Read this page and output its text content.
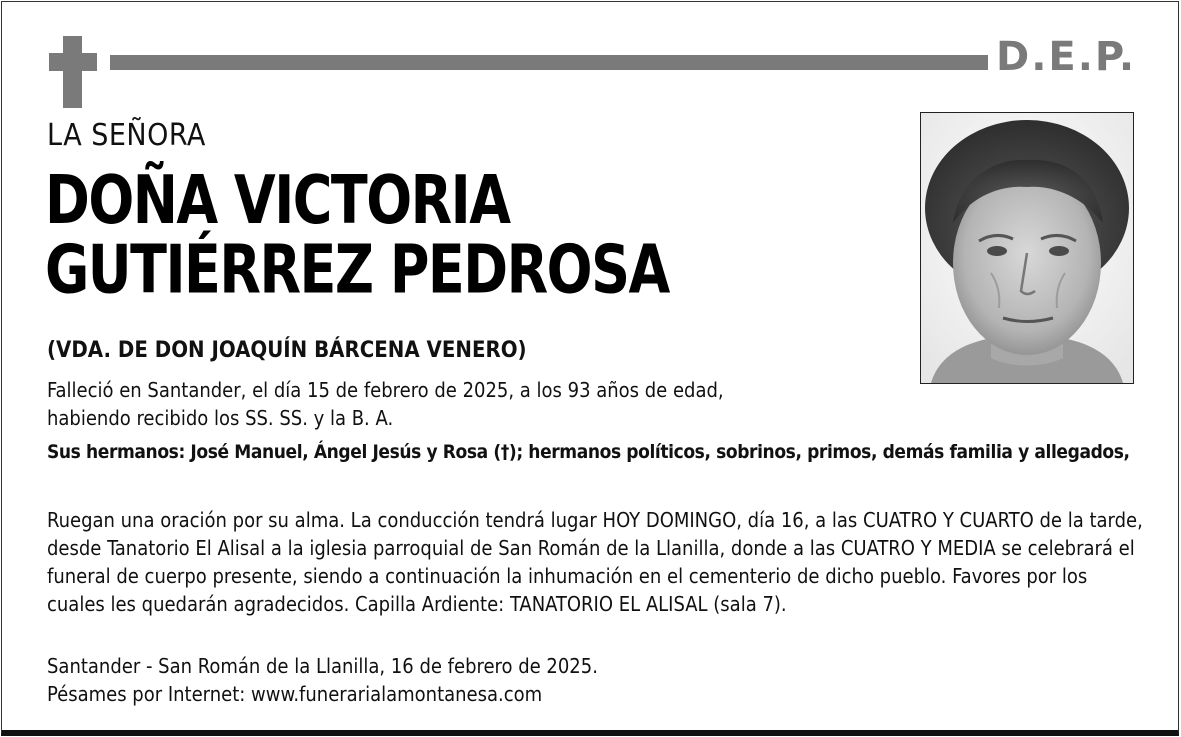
D.E.P.
LA SEÑORA
DOÑA VICTORIA
GUTIÉRREZ PEDROSA
(VDA. DE DON JOAQUÍN BÁRCENA VENERO)
Falleció en Santander, el día 15 de febrero de 2025, a los 93 años de edad,
habiendo recibido los SS. SS. y la B. A.
Sus hermanos: José Manuel, Ángel Jesús y Rosa (†); hermanos políticos, sobrinos, primos, demás familia y allegados,
Ruegan una oración por su alma. La conducción tendrá lugar HOY DOMINGO, día 16, a las CUATRO Y CUARTO de la tarde, desde Tanatorio El Alisal a la iglesia parroquial de San Román de la Llanilla, donde a las CUATRO Y MEDIA se celebrará el funeral de cuerpo presente, siendo a continuación la inhumación en el cementerio de dicho pueblo. Favores por los cuales les quedarán agradecidos. Capilla Ardiente: TANATORIO EL ALISAL (sala 7).
Santander - San Román de la Llanilla, 16 de febrero de 2025.
Pésames por Internet: www.funerarialamontanesa.com
